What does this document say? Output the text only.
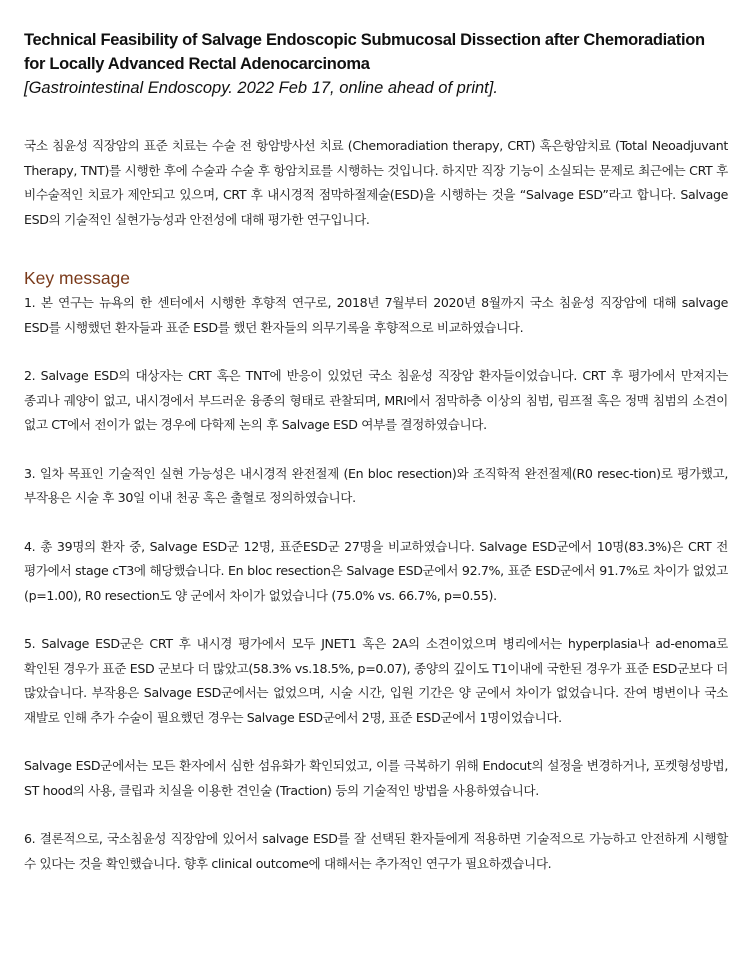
Technical Feasibility of Salvage Endoscopic Submucosal Dissection after Chemoradiation for Locally Advanced Rectal Adenocarcinoma
[Gastrointestinal Endoscopy. 2022 Feb 17, online ahead of print].

국소 침윤성 직장암의 표준 치료는 수술 전 항암방사선 치료 (Chemoradiation therapy, CRT) 혹은항암치료 (Total Neoadjuvant Therapy, TNT)를 시행한 후에 수술과 수술 후 항암치료를 시행하는 것입니다. 하지만 직장 기능이 소실되는 문제로 최근에는 CRT 후 비수술적인 치료가 제안되고 있으며, CRT 후 내시경적 점막하절제술(ESD)을 시행하는 것을 “Salvage ESD”라고 합니다. Salvage ESD의 기술적인 실현가능성과 안전성에 대해 평가한 연구입니다.

Key message

1. 본 연구는 뉴욕의 한 센터에서 시행한 후향적 연구로, 2018년 7월부터 2020년 8월까지 국소 침윤성 직장암에 대해 salvage ESD를 시행했던 환자들과 표준 ESD를 했던 환자들의 의무기록을 후향적으로 비교하였습니다.

2. Salvage ESD의 대상자는 CRT 혹은 TNT에 반응이 있었던 국소 침윤성 직장암 환자들이었습니다. CRT 후 평가에서 만져지는 종괴나 궤양이 없고, 내시경에서 부드러운 융종의 형태로 관찰되며, MRI에서 점막하층 이상의 침범, 림프절 혹은 정맥 침범의 소견이 없고 CT에서 전이가 없는 경우에 다학제 논의 후 Salvage ESD 여부를 결정하였습니다.

3. 일차 목표인 기술적인 실현 가능성은 내시경적 완전절제 (En bloc resection)와 조직학적 완전절제(R0 resec-tion)로 평가했고, 부작용은 시술 후 30일 이내 천공 혹은 출혈로 정의하였습니다.

4. 총 39명의 환자 중, Salvage ESD군 12명, 표준ESD군 27명을 비교하였습니다. Salvage ESD군에서 10명(83.3%)은 CRT 전 평가에서 stage cT3에 해당했습니다. En bloc resection은 Salvage ESD군에서 92.7%, 표준 ESD군에서 91.7%로 차이가 없었고 (p=1.00), R0 resection도 양 군에서 차이가 없었습니다 (75.0% vs. 66.7%, p=0.55).

5. Salvage ESD군은 CRT 후 내시경 평가에서 모두 JNET1 혹은 2A의 소견이었으며 병리에서는 hyperplasia나 ad-enoma로 확인된 경우가 표준 ESD 군보다 더 많았고(58.3% vs.18.5%, p=0.07), 종양의 깊이도 T1이내에 국한된 경우가 표준 ESD군보다 더 많았습니다. 부작용은 Salvage ESD군에서는 없었으며, 시술 시간, 입원 기간은 양 군에서 차이가 없었습니다. 잔여 병변이나 국소 재발로 인해 추가 수술이 필요했던 경우는 Salvage ESD군에서 2명, 표준 ESD군에서 1명이었습니다.

Salvage ESD군에서는 모든 환자에서 심한 섬유화가 확인되었고, 이를 극복하기 위해 Endocut의 설정을 변경하거나, 포켓형성방법, ST hood의 사용, 클립과 치실을 이용한 견인술 (Traction) 등의 기술적인 방법을 사용하였습니다.

6. 결론적으로, 국소침윤성 직장암에 있어서 salvage ESD를 잘 선택된 환자들에게 적용하면 기술적으로 가능하고 안전하게 시행할 수 있다는 것을 확인했습니다. 향후 clinical outcome에 대해서는 추가적인 연구가 필요하겠습니다.
